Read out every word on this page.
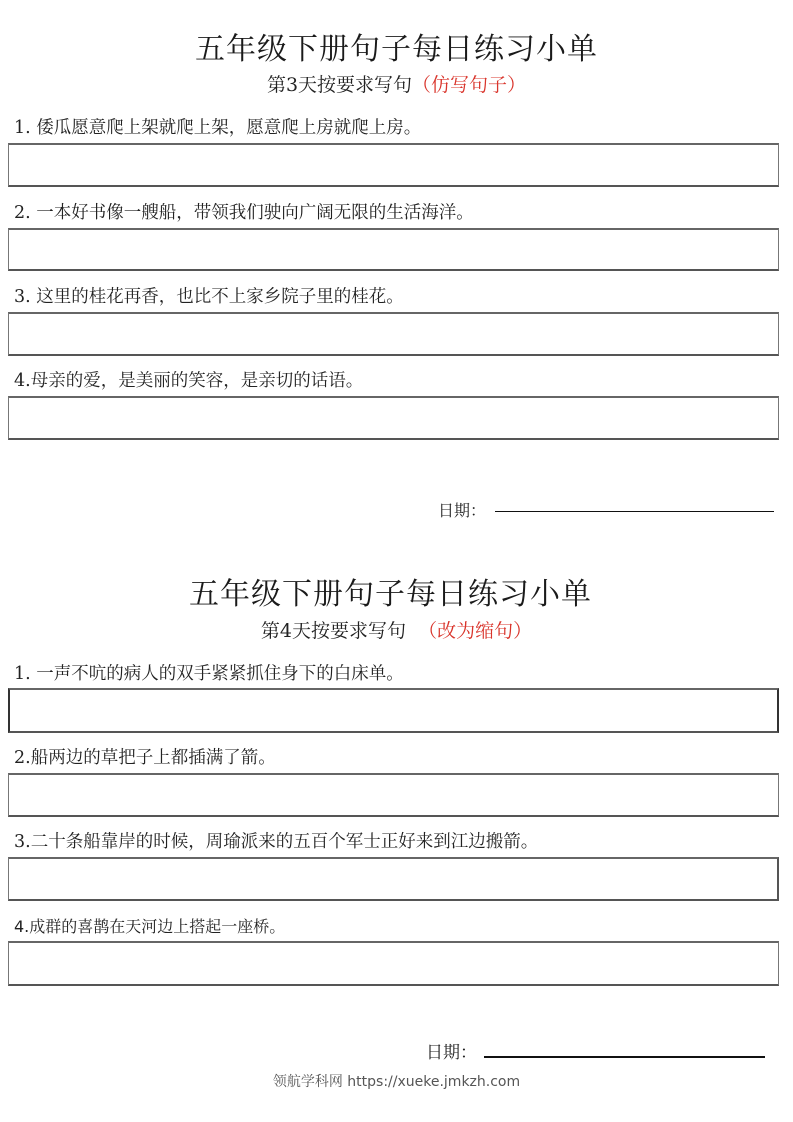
五年级下册句子每日练习小单
第3天按要求写句（仿写句子）
1. 倭瓜愿意爬上架就爬上架，愿意爬上房就爬上房。
2. 一本好书像一艘船，带领我们驶向广阔无限的生活海洋。
3. 这里的桂花再香，也比不上家乡院子里的桂花。
4.母亲的爱，是美丽的笑容，是亲切的话语。
日期：
五年级下册句子每日练习小单
第4天按要求写句 （改为缩句）
1. 一声不吭的病人的双手紧紧抓住身下的白床单。
2.船两边的草把子上都插满了箭。
3.二十条船靠岸的时候，周瑜派来的五百个军士正好来到江边搬箭。
4.成群的喜鹊在天河边上搭起一座桥。
日期：
领航学科网 https://xueke.jmkzh.com
